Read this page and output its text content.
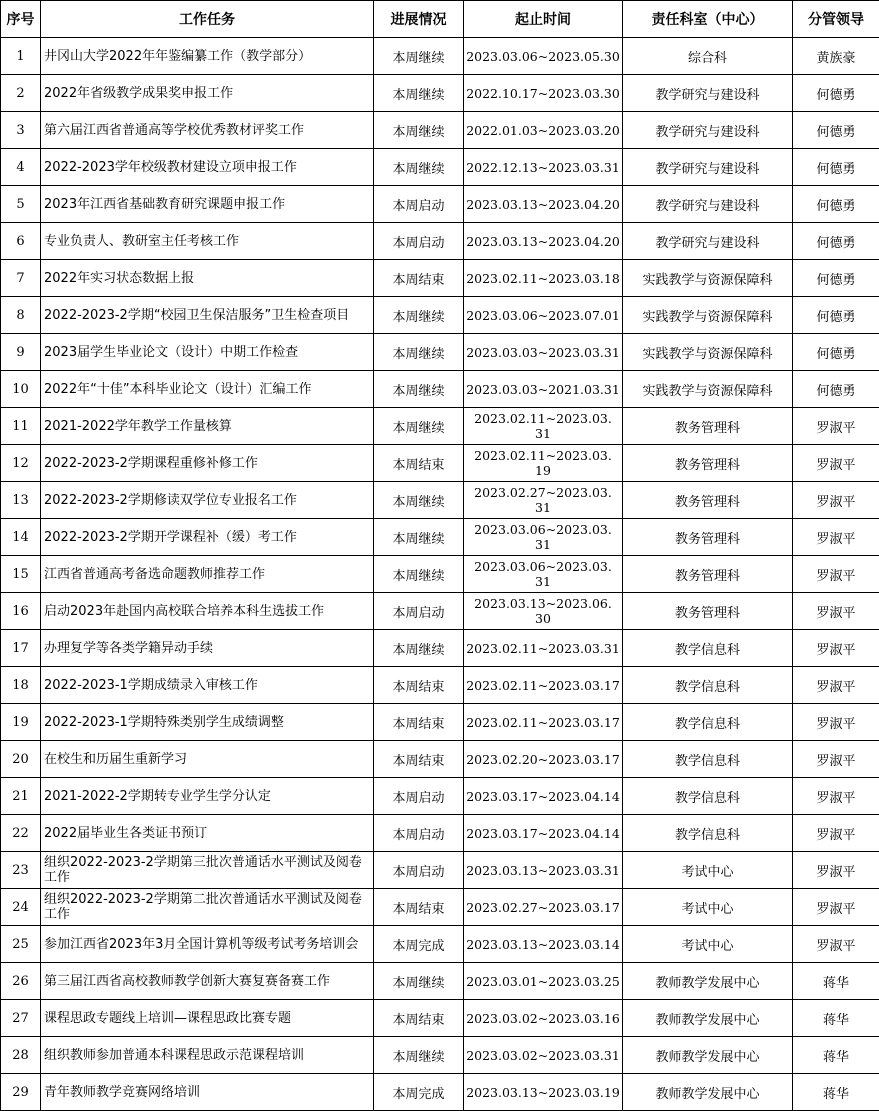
序号	工作任务	进展情况	起止时间	责任科室（中心）	分管领导
1	井冈山大学2022年年鉴编纂工作（教学部分）	本周继续	2023.03.06~2023.05.30	综合科	黄族豪
2	2022年省级教学成果奖申报工作	本周继续	2022.10.17~2023.03.30	教学研究与建设科	何德勇
3	第六届江西省普通高等学校优秀教材评奖工作	本周继续	2022.01.03~2023.03.20	教学研究与建设科	何德勇
4	2022-2023学年校级教材建设立项申报工作	本周继续	2022.12.13~2023.03.31	教学研究与建设科	何德勇
5	2023年江西省基础教育研究课题申报工作	本周启动	2023.03.13~2023.04.20	教学研究与建设科	何德勇
6	专业负责人、教研室主任考核工作	本周启动	2023.03.13~2023.04.20	教学研究与建设科	何德勇
7	2022年实习状态数据上报	本周结束	2023.02.11~2023.03.18	实践教学与资源保障科	何德勇
8	2022-2023-2学期“校园卫生保洁服务”卫生检查项目	本周继续	2023.03.06~2023.07.01	实践教学与资源保障科	何德勇
9	2023届学生毕业论文（设计）中期工作检查	本周继续	2023.03.03~2023.03.31	实践教学与资源保障科	何德勇
10	2022年“十佳”本科毕业论文（设计）汇编工作	本周继续	2023.03.03~2021.03.31	实践教学与资源保障科	何德勇
11	2021-2022学年教学工作量核算	本周继续	2023.02.11~2023.03. 31	教务管理科	罗淑平
12	2022-2023-2学期课程重修补修工作	本周结束	2023.02.11~2023.03. 19	教务管理科	罗淑平
13	2022-2023-2学期修读双学位专业报名工作	本周继续	2023.02.27~2023.03. 31	教务管理科	罗淑平
14	2022-2023-2学期开学课程补（缓）考工作	本周继续	2023.03.06~2023.03. 31	教务管理科	罗淑平
15	江西省普通高考备选命题教师推荐工作	本周继续	2023.03.06~2023.03. 31	教务管理科	罗淑平
16	启动2023年赴国内高校联合培养本科生选拔工作	本周启动	2023.03.13~2023.06. 30	教务管理科	罗淑平
17	办理复学等各类学籍异动手续	本周继续	2023.02.11~2023.03.31	教学信息科	罗淑平
18	2022-2023-1学期成绩录入审核工作	本周结束	2023.02.11~2023.03.17	教学信息科	罗淑平
19	2022-2023-1学期特殊类别学生成绩调整	本周结束	2023.02.11~2023.03.17	教学信息科	罗淑平
20	在校生和历届生重新学习	本周结束	2023.02.20~2023.03.17	教学信息科	罗淑平
21	2021-2022-2学期转专业学生学分认定	本周启动	2023.03.17~2023.04.14	教学信息科	罗淑平
22	2022届毕业生各类证书预订	本周启动	2023.03.17~2023.04.14	教学信息科	罗淑平
23	组织2022-2023-2学期第三批次普通话水平测试及阅卷工作	本周启动	2023.03.13~2023.03.31	考试中心	罗淑平
24	组织2022-2023-2学期第二批次普通话水平测试及阅卷工作	本周结束	2023.02.27~2023.03.17	考试中心	罗淑平
25	参加江西省2023年3月全国计算机等级考试考务培训会	本周完成	2023.03.13~2023.03.14	考试中心	罗淑平
26	第三届江西省高校教师教学创新大赛复赛备赛工作	本周继续	2023.03.01~2023.03.25	教师教学发展中心	蒋华
27	课程思政专题线上培训—课程思政比赛专题	本周结束	2023.03.02~2023.03.16	教师教学发展中心	蒋华
28	组织教师参加普通本科课程思政示范课程培训	本周继续	2023.03.02~2023.03.31	教师教学发展中心	蒋华
29	青年教师教学竞赛网络培训	本周完成	2023.03.13~2023.03.19	教师教学发展中心	蒋华
